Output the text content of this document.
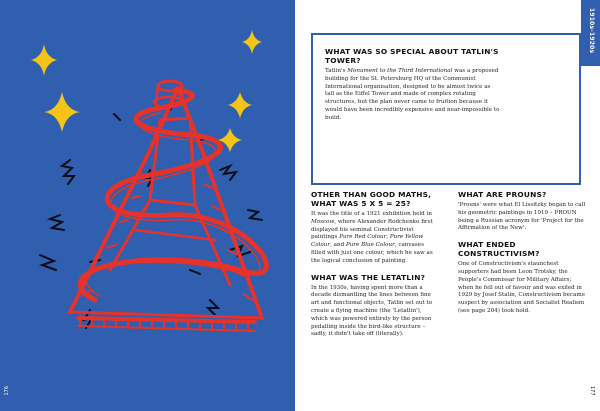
176
1910s-1920s
WHAT WAS SO SPECIAL ABOUT TATLIN'S TOWER?
Tatlin's Monument to the Third International was a proposed building for the St. Petersburg HQ of the Communist International organisation, designed to be almost twice as tall as the Eiffel Tower and made of complex rotating structures, but the plan never came to fruition because it would have been incredibly expensive and near-impossible to build.
OTHER THAN GOOD MATHS, WHAT WAS 5 X 5 = 25?
It was the title of a 1921 exhibition held in Moscow, where Alexander Rodchenko first displayed his seminal Constructivist paintings Pure Red Colour, Pure Yellow Colour, and Pure Blue Colour, canvases filled with just one colour, which he saw as the logical conclusion of painting.
WHAT WAS THE LETATLIN?
In the 1930s, having spent more than a decade dismantling the lines between fine art and functional objects, Tatlin set out to create a flying machine (the 'Letatlin'), which was powered entirely by the person pedalling inside the bird-like structure – sadly, it didn't take off (literally).
WHAT ARE PROUNS?
'Prouns' were what El Lissitzky began to call his geometric paintings in 1919 – PROUN being a Russian acronym for 'Project for the Affirmation of the New'.
WHAT ENDED CONSTRUCTIVISM?
One of Constructivism's staunchest supporters had been Leon Trotsky, the People's Commissar for Military Affairs; when he fell out of favour and was exiled in 1929 by Josef Stalin, Constructivism became suspect by association and Socialist Realism (see page 204) took hold.
177
